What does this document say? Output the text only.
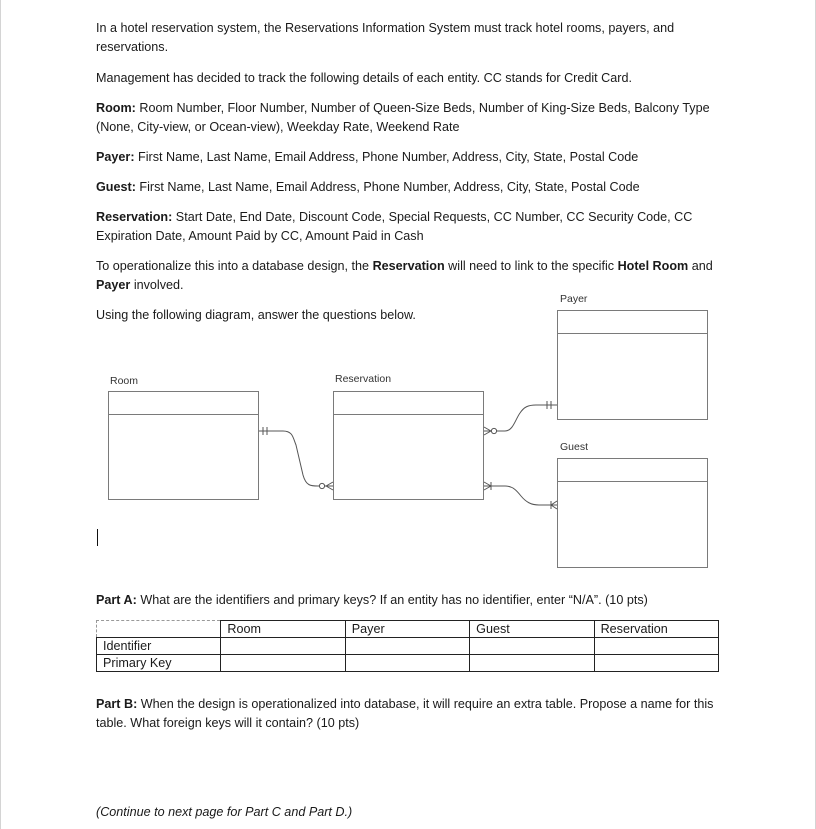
In a hotel reservation system, the Reservations Information System must track hotel rooms, payers, and reservations.

Management has decided to track the following details of each entity. CC stands for Credit Card.

Room: Room Number, Floor Number, Number of Queen-Size Beds, Number of King-Size Beds, Balcony Type (None, City-view, or Ocean-view), Weekday Rate, Weekend Rate

Payer: First Name, Last Name, Email Address, Phone Number, Address, City, State, Postal Code

Guest: First Name, Last Name, Email Address, Phone Number, Address, City, State, Postal Code

Reservation: Start Date, End Date, Discount Code, Special Requests, CC Number, CC Security Code, CC Expiration Date, Amount Paid by CC, Amount Paid in Cash

To operationalize this into a database design, the Reservation will need to link to the specific Hotel Room and Payer involved.

Using the following diagram, answer the questions below.

Room	Reservation
Payer
Guest

Part A: What are the identifiers and primary keys? If an entity has no identifier, enter “N/A”. (10 pts)

	Room	Payer	Guest	Reservation
Identifier				
Primary Key				

Part B: When the design is operationalized into database, it will require an extra table. Propose a name for this table. What foreign keys will it contain? (10 pts)

(Continue to next page for Part C and Part D.)
